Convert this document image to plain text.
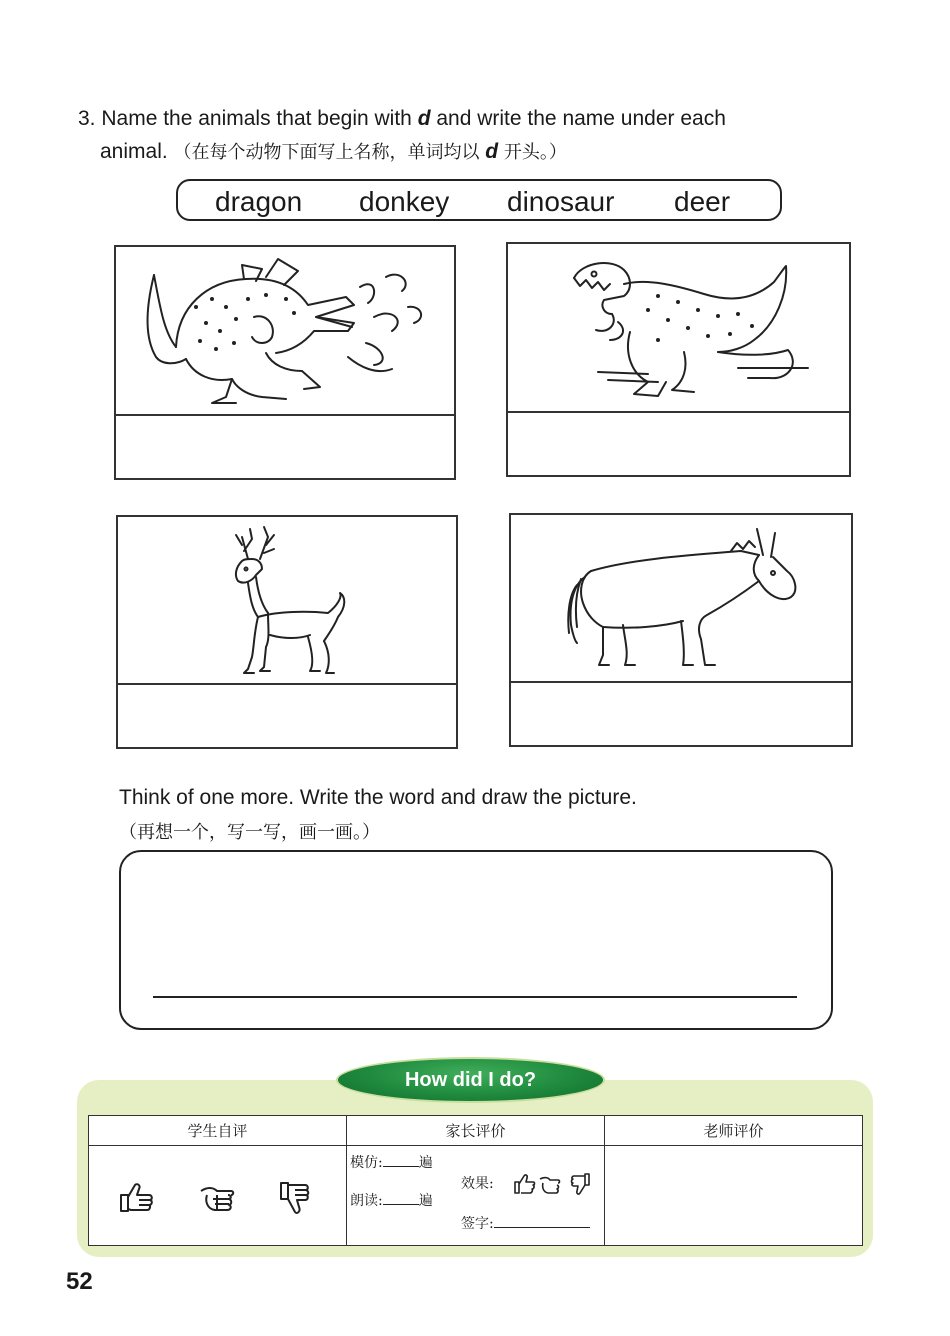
3. Name the animals that begin with d and write the name under each
animal. （在每个动物下面写上名称，单词均以 d 开头。）
dragon donkey dinosaur deer
Think of one more. Write the word and draw the picture.
（再想一个，写一写，画一画。）
How did I do?
学生自评	家长评价	老师评价

模仿: 遍
朗读: 遍
效果:
签字:	

52
